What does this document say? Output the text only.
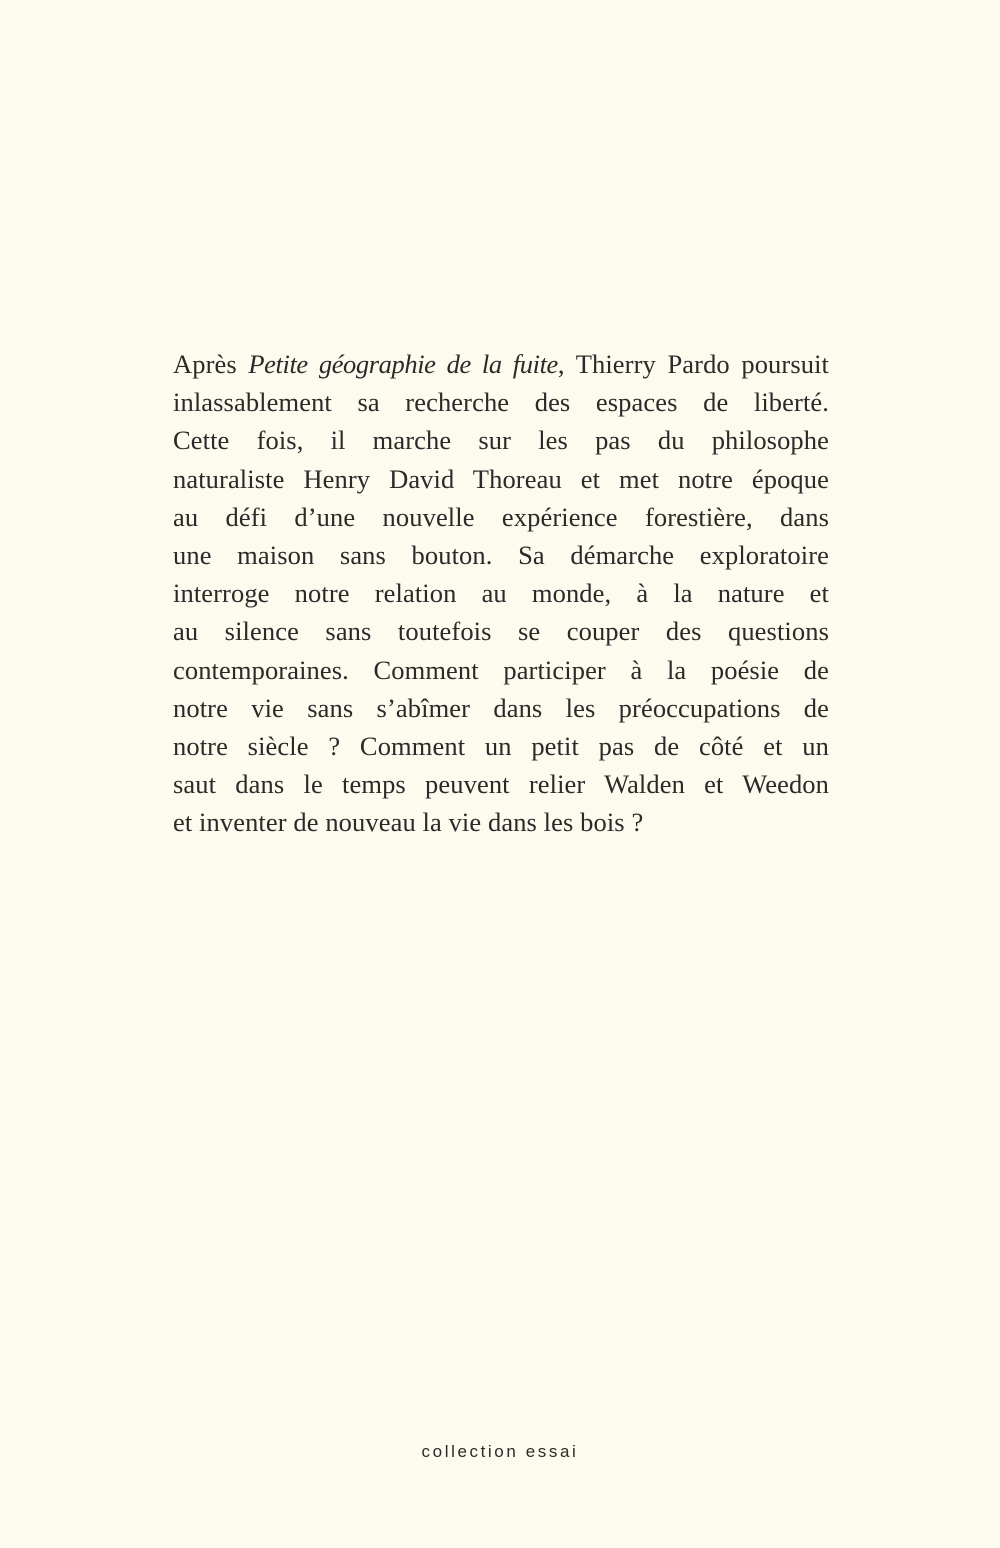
Après Petite géographie de la fuite, Thierry Pardo poursuit
inlassablement sa recherche des espaces de liberté.
Cette fois, il marche sur les pas du philosophe
naturaliste Henry David Thoreau et met notre époque
au défi d’une nouvelle expérience forestière, dans
une maison sans bouton. Sa démarche exploratoire
interroge notre relation au monde, à la nature et
au silence sans toutefois se couper des questions
contemporaines. Comment participer à la poésie de
notre vie sans s’abîmer dans les préoccupations de
notre siècle ? Comment un petit pas de côté et un
saut dans le temps peuvent relier Walden et Weedon
et inventer de nouveau la vie dans les bois ?
collection essai
